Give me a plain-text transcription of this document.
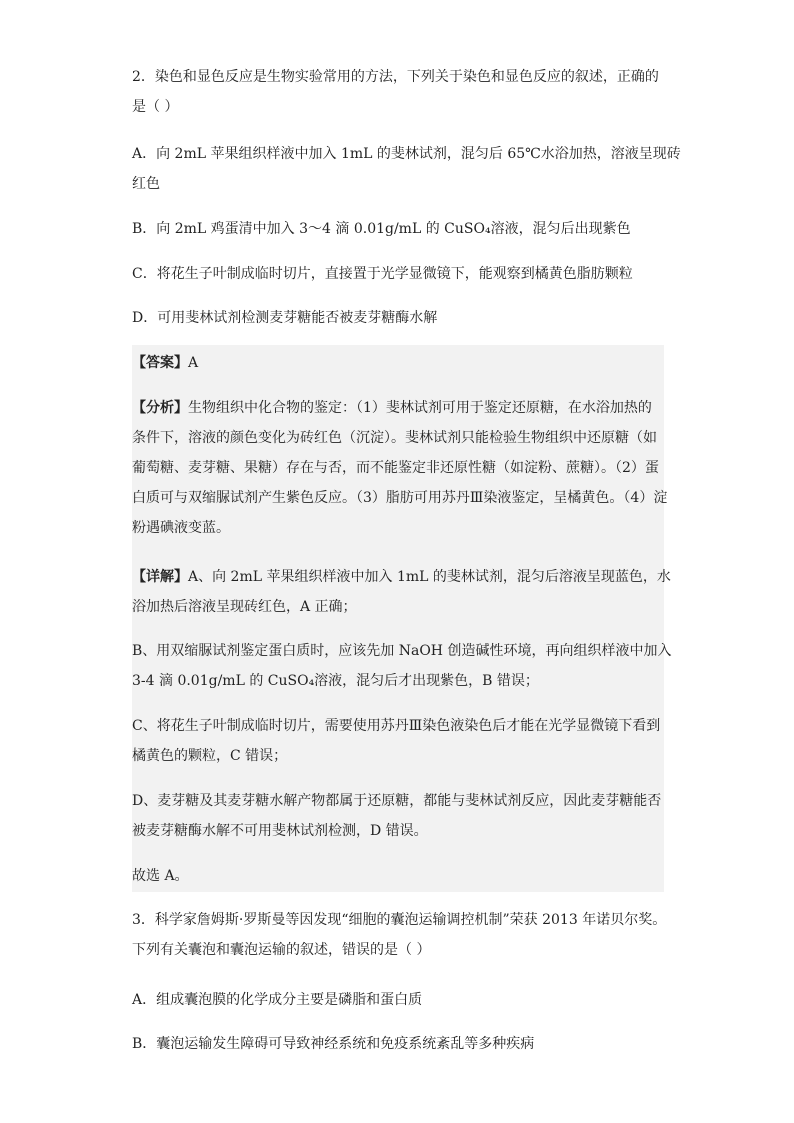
2．染色和显色反应是生物实验常用的方法，下列关于染色和显色反应的叙述，正确的

是（ ）

A．向 2mL 苹果组织样液中加入 1mL 的斐林试剂，混匀后 65℃水浴加热，溶液呈现砖

红色

B．向 2mL 鸡蛋清中加入 3～4 滴 0.01g/mL 的 CuSO₄溶液，混匀后出现紫色

C．将花生子叶制成临时切片，直接置于光学显微镜下，能观察到橘黄色脂肪颗粒

D．可用斐林试剂检测麦芽糖能否被麦芽糖酶水解

【答案】A

【分析】生物组织中化合物的鉴定：（1）斐林试剂可用于鉴定还原糖，在水浴加热的

条件下，溶液的颜色变化为砖红色（沉淀）。斐林试剂只能检验生物组织中还原糖（如

葡萄糖、麦芽糖、果糖）存在与否，而不能鉴定非还原性糖（如淀粉、蔗糖）。（2）蛋

白质可与双缩脲试剂产生紫色反应。（3）脂肪可用苏丹Ⅲ染液鉴定，呈橘黄色。（4）淀

粉遇碘液变蓝。

【详解】A、向 2mL 苹果组织样液中加入 1mL 的斐林试剂，混匀后溶液呈现蓝色，水

浴加热后溶液呈现砖红色，A 正确；

B、用双缩脲试剂鉴定蛋白质时，应该先加 NaOH 创造碱性环境，再向组织样液中加入

3-4 滴 0.01g/mL 的 CuSO₄溶液，混匀后才出现紫色，B 错误；

C、将花生子叶制成临时切片，需要使用苏丹Ⅲ染色液染色后才能在光学显微镜下看到

橘黄色的颗粒，C 错误；

D、麦芽糖及其麦芽糖水解产物都属于还原糖，都能与斐林试剂反应，因此麦芽糖能否

被麦芽糖酶水解不可用斐林试剂检测，D 错误。

故选 A。

3．科学家詹姆斯·罗斯曼等因发现“细胞的囊泡运输调控机制”荣获 2013 年诺贝尔奖。

下列有关囊泡和囊泡运输的叙述，错误的是（ ）

A．组成囊泡膜的化学成分主要是磷脂和蛋白质

B．囊泡运输发生障碍可导致神经系统和免疫系统紊乱等多种疾病
